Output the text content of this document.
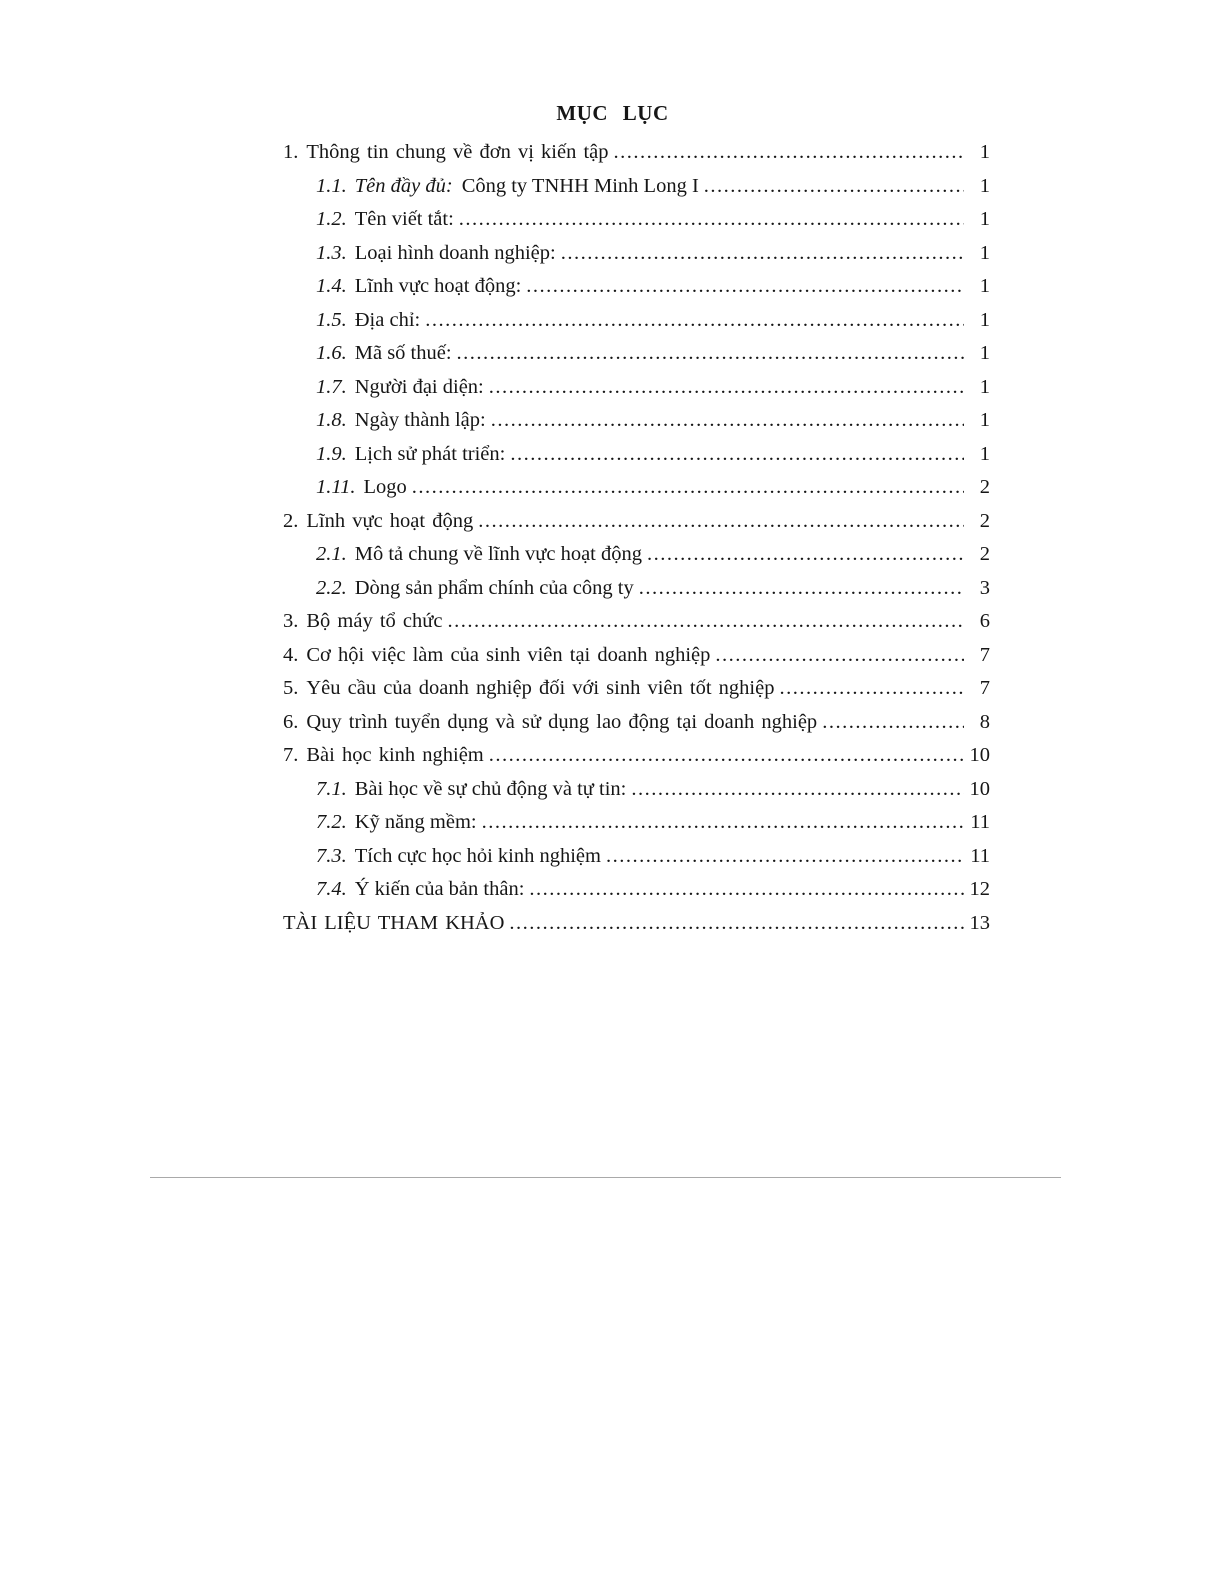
MỤC LỤC
1. Thông tin chung về đơn vị kiến tập .....	1
1.1. Tên đầy đủ: Công ty TNHH Minh Long I .....	1
1.2. Tên viết tắt: .....	1
1.3. Loại hình doanh nghiệp: .....	1
1.4. Lĩnh vực hoạt động: .....	1
1.5. Địa chỉ: .....	1
1.6. Mã số thuế: .....	1
1.7. Người đại diện: .....	1
1.8. Ngày thành lập: .....	1
1.9. Lịch sử phát triển: .....	1
1.11. Logo .....	2
2. Lĩnh vực hoạt động .....	2
2.1. Mô tả chung về lĩnh vực hoạt động .....	2
2.2. Dòng sản phẩm chính của công ty .....	3
3. Bộ máy tổ chức .....	6
4. Cơ hội việc làm của sinh viên tại doanh nghiệp .....	7
5. Yêu cầu của doanh nghiệp đối với sinh viên tốt nghiệp .....	7
6. Quy trình tuyển dụng và sử dụng lao động tại doanh nghiệp .....	8
7. Bài học kinh nghiệm .....	10
7.1. Bài học về sự chủ động và tự tin: .....	10
7.2. Kỹ năng mềm: .....	11
7.3. Tích cực học hỏi kinh nghiệm .....	11
7.4. Ý kiến của bản thân: .....	12
TÀI LIỆU THAM KHẢO .....	13
